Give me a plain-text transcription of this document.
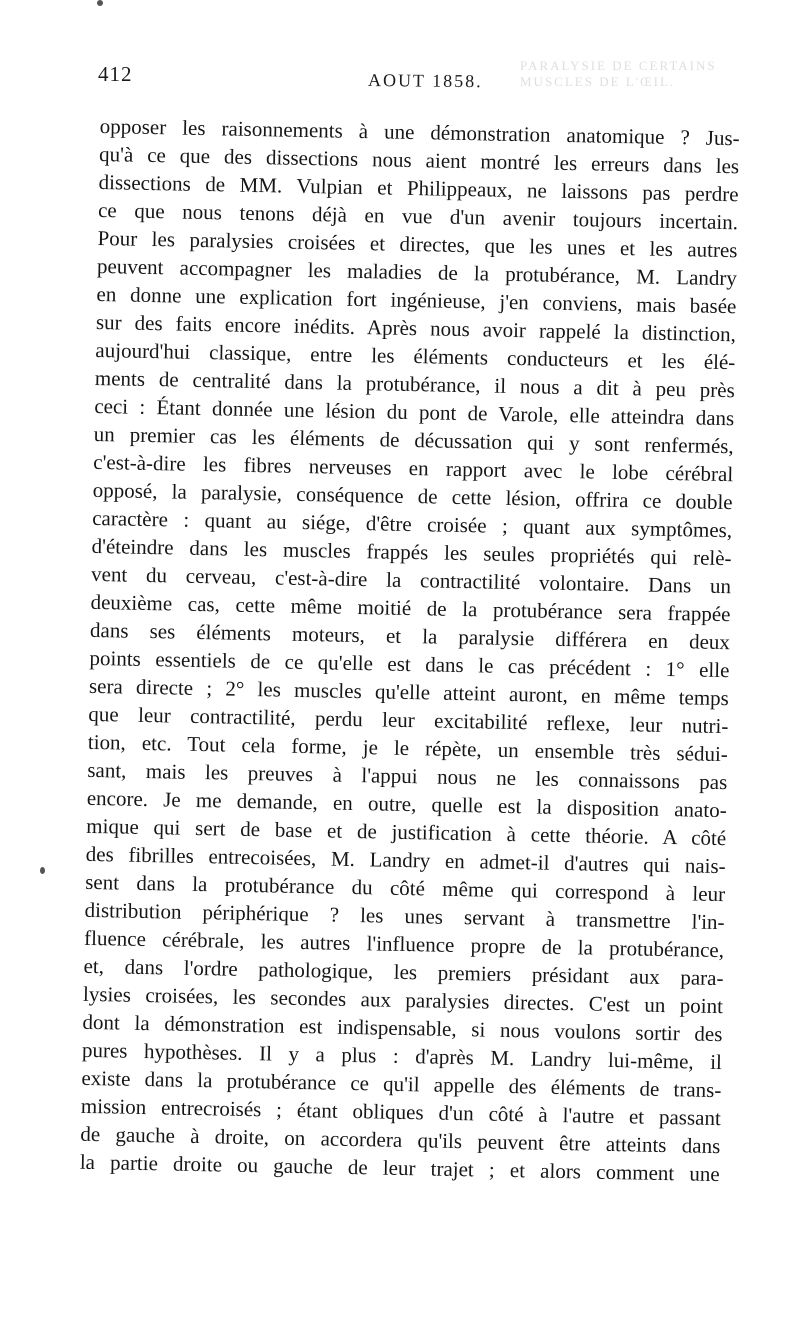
PARALYSIE DE CERTAINS MUSCLES DE L'ŒIL.
412	AOUT 1858.
opposer les raisonnements à une démonstration anatomique ? Jus-
qu'à ce que des dissections nous aient montré les erreurs dans les
dissections de MM. Vulpian et Philippeaux, ne laissons pas perdre
ce que nous tenons déjà en vue d'un avenir toujours incertain.
Pour les paralysies croisées et directes, que les unes et les autres
peuvent accompagner les maladies de la protubérance, M. Landry
en donne une explication fort ingénieuse, j'en conviens, mais basée
sur des faits encore inédits. Après nous avoir rappelé la distinction,
aujourd'hui classique, entre les éléments conducteurs et les élé-
ments de centralité dans la protubérance, il nous a dit à peu près
ceci : Étant donnée une lésion du pont de Varole, elle atteindra dans
un premier cas les éléments de décussation qui y sont renfermés,
c'est-à-dire les fibres nerveuses en rapport avec le lobe cérébral
opposé, la paralysie, conséquence de cette lésion, offrira ce double
caractère : quant au siége, d'être croisée ; quant aux symptômes,
d'éteindre dans les muscles frappés les seules propriétés qui relè-
vent du cerveau, c'est-à-dire la contractilité volontaire. Dans un
deuxième cas, cette même moitié de la protubérance sera frappée
dans ses éléments moteurs, et la paralysie différera en deux
points essentiels de ce qu'elle est dans le cas précédent : 1° elle
sera directe ; 2° les muscles qu'elle atteint auront, en même temps
que leur contractilité, perdu leur excitabilité reflexe, leur nutri-
tion, etc. Tout cela forme, je le répète, un ensemble très sédui-
sant, mais les preuves à l'appui nous ne les connaissons pas
encore. Je me demande, en outre, quelle est la disposition anato-
mique qui sert de base et de justification à cette théorie. A côté
des fibrilles entrecoisées, M. Landry en admet-il d'autres qui nais-
sent dans la protubérance du côté même qui correspond à leur
distribution périphérique ? les unes servant à transmettre l'in-
fluence cérébrale, les autres l'influence propre de la protubérance,
et, dans l'ordre pathologique, les premiers présidant aux para-
lysies croisées, les secondes aux paralysies directes. C'est un point
dont la démonstration est indispensable, si nous voulons sortir des
pures hypothèses. Il y a plus : d'après M. Landry lui-même, il
existe dans la protubérance ce qu'il appelle des éléments de trans-
mission entrecroisés ; étant obliques d'un côté à l'autre et passant
de gauche à droite, on accordera qu'ils peuvent être atteints dans
la partie droite ou gauche de leur trajet ; et alors comment une
